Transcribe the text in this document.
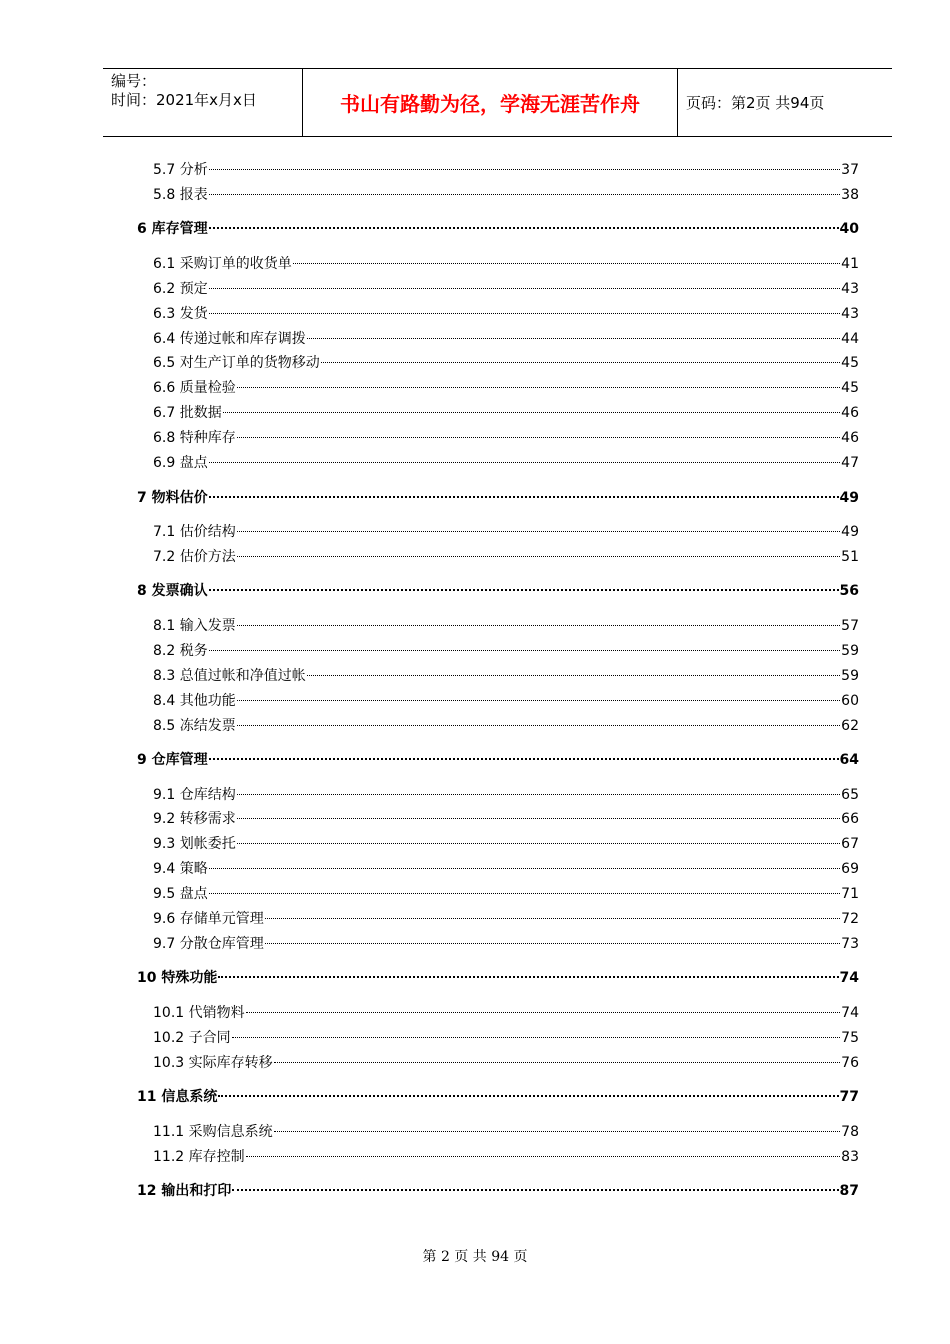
编号：
时间：2021年x月x日	书山有路勤为径，学海无涯苦作舟	页码：第2页 共94页
5.7 分析	37
5.8 报表	38
6 库存管理	40
6.1 采购订单的收货单	41
6.2 预定	43
6.3 发货	43
6.4 传递过帐和库存调拨	44
6.5 对生产订单的货物移动	45
6.6 质量检验	45
6.7 批数据	46
6.8 特种库存	46
6.9 盘点	47
7 物料估价	49
7.1 估价结构	49
7.2 估价方法	51
8 发票确认	56
8.1 输入发票	57
8.2 税务	59
8.3 总值过帐和净值过帐	59
8.4 其他功能	60
8.5 冻结发票	62
9 仓库管理	64
9.1 仓库结构	65
9.2 转移需求	66
9.3 划帐委托	67
9.4 策略	69
9.5 盘点	71
9.6 存储单元管理	72
9.7 分散仓库管理	73
10 特殊功能	74
10.1 代销物料	74
10.2 子合同	75
10.3 实际库存转移	76
11 信息系统	77
11.1 采购信息系统	78
11.2 库存控制	83
12 输出和打印	87
第 2 页 共 94 页
